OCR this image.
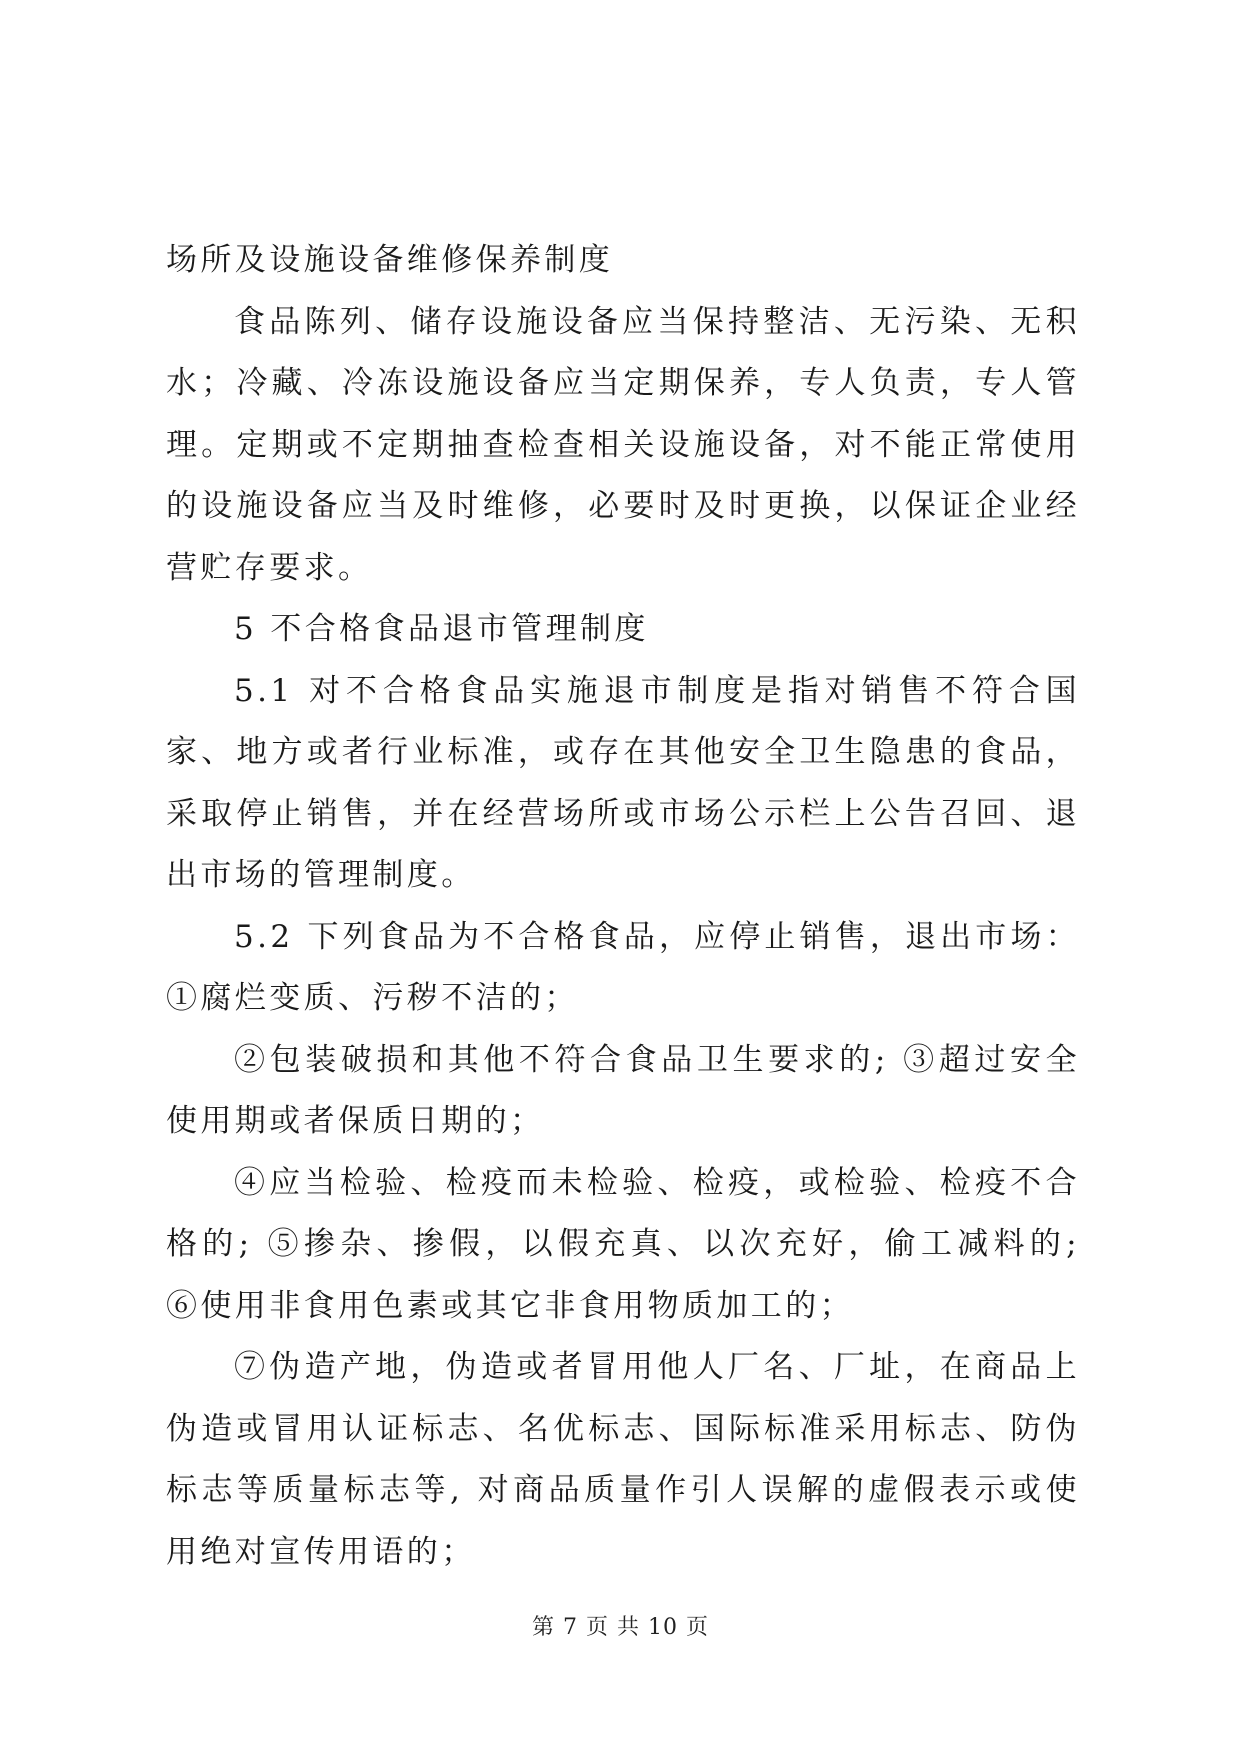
场所及设施设备维修保养制度

食品陈列、储存设施设备应当保持整洁、无污染、无积水；冷藏、冷冻设施设备应当定期保养，专人负责，专人管理。定期或不定期抽查检查相关设施设备，对不能正常使用的设施设备应当及时维修，必要时及时更换，以保证企业经营贮存要求。

5 不合格食品退市管理制度

5.1 对不合格食品实施退市制度是指对销售不符合国家、地方或者行业标准，或存在其他安全卫生隐患的食品，采取停止销售，并在经营场所或市场公示栏上公告召回、退出市场的管理制度。

5.2 下列食品为不合格食品，应停止销售，退出市场：①腐烂变质、污秽不洁的；

②包装破损和其他不符合食品卫生要求的; ③超过安全使用期或者保质日期的；

④应当检验、检疫而未检验、检疫，或检验、检疫不合格的; ⑤掺杂、掺假，以假充真、以次充好，偷工减料的; ⑥使用非食用色素或其它非食用物质加工的；

⑦伪造产地，伪造或者冒用他人厂名、厂址，在商品上伪造或冒用认证标志、名优标志、国际标准采用标志、防伪标志等质量标志等, 对商品质量作引人误解的虚假表示或使用绝对宣传用语的；

第 7 页 共 10 页
